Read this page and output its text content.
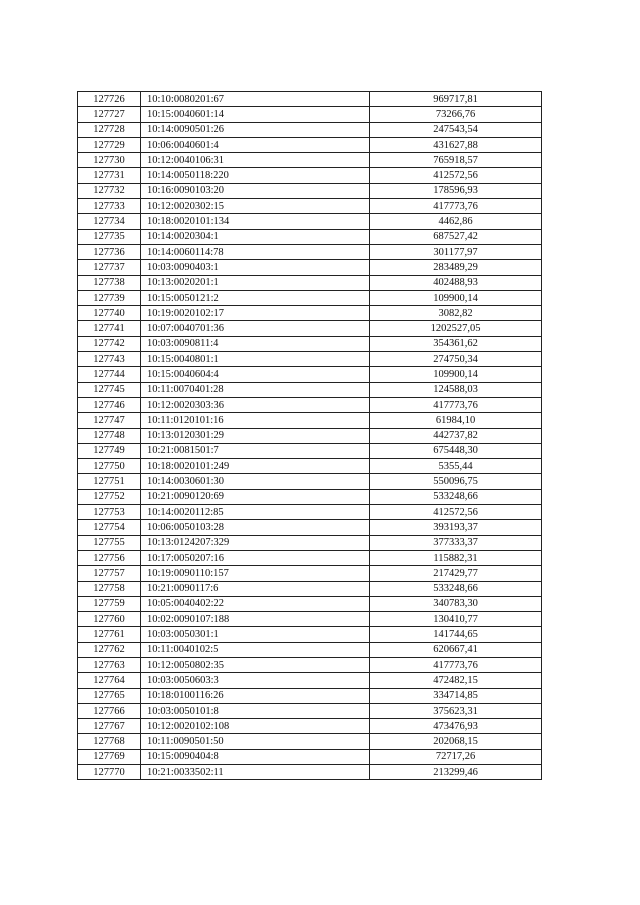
127726	10:10:0080201:67	969717,81
127727	10:15:0040601:14	73266,76
127728	10:14:0090501:26	247543,54
127729	10:06:0040601:4	431627,88
127730	10:12:0040106:31	765918,57
127731	10:14:0050118:220	412572,56
127732	10:16:0090103:20	178596,93
127733	10:12:0020302:15	417773,76
127734	10:18:0020101:134	4462,86
127735	10:14:0020304:1	687527,42
127736	10:14:0060114:78	301177,97
127737	10:03:0090403:1	283489,29
127738	10:13:0020201:1	402488,93
127739	10:15:0050121:2	109900,14
127740	10:19:0020102:17	3082,82
127741	10:07:0040701:36	1202527,05
127742	10:03:0090811:4	354361,62
127743	10:15:0040801:1	274750,34
127744	10:15:0040604:4	109900,14
127745	10:11:0070401:28	124588,03
127746	10:12:0020303:36	417773,76
127747	10:11:0120101:16	61984,10
127748	10:13:0120301:29	442737,82
127749	10:21:0081501:7	675448,30
127750	10:18:0020101:249	5355,44
127751	10:14:0030601:30	550096,75
127752	10:21:0090120:69	533248,66
127753	10:14:0020112:85	412572,56
127754	10:06:0050103:28	393193,37
127755	10:13:0124207:329	377333,37
127756	10:17:0050207:16	115882,31
127757	10:19:0090110:157	217429,77
127758	10:21:0090117:6	533248,66
127759	10:05:0040402:22	340783,30
127760	10:02:0090107:188	130410,77
127761	10:03:0050301:1	141744,65
127762	10:11:0040102:5	620667,41
127763	10:12:0050802:35	417773,76
127764	10:03:0050603:3	472482,15
127765	10:18:0100116:26	334714,85
127766	10:03:0050101:8	375623,31
127767	10:12:0020102:108	473476,93
127768	10:11:0090501:50	202068,15
127769	10:15:0090404:8	72717,26
127770	10:21:0033502:11	213299,46
